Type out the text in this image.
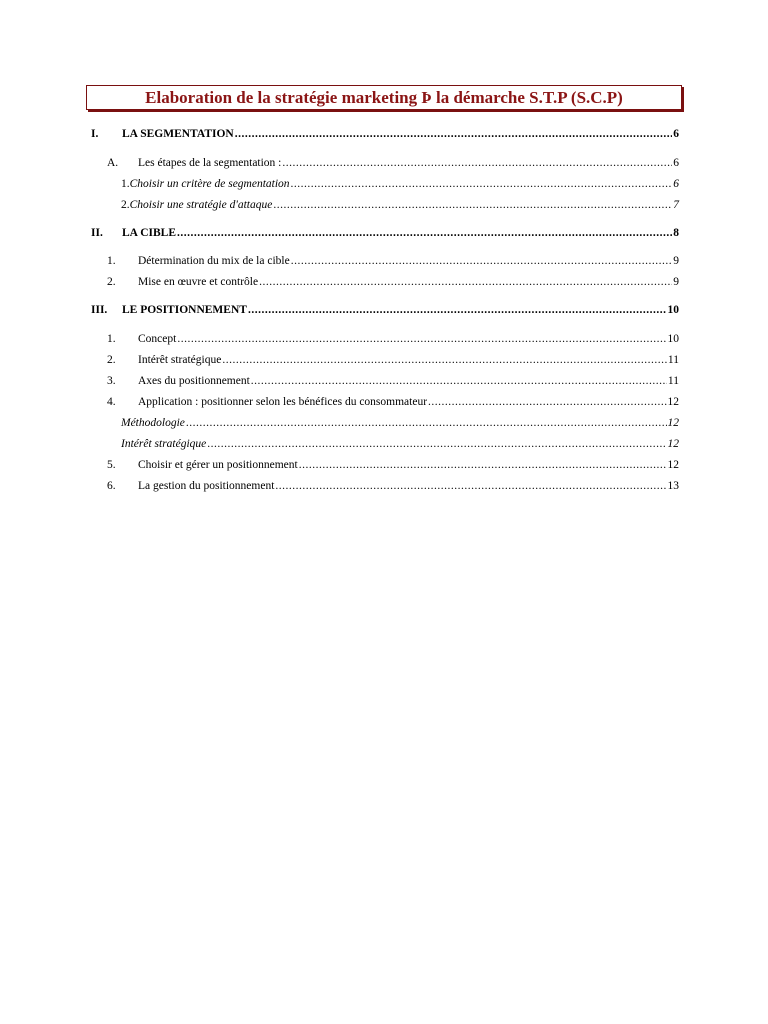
Elaboration de la stratégie marketing Þ la démarche S.T.P (S.C.P)
I.	LA SEGMENTATION .....	6
A.	Les étapes de la segmentation : .....	6
1. Choisir un critère de segmentation .....	6
2. Choisir une stratégie d'attaque .....	7
II.	LA CIBLE .....	8
1.	Détermination du mix de la cible .....	9
2.	Mise en œuvre et contrôle .....	9
III.	LE POSITIONNEMENT .....	10
1.	Concept .....	10
2.	Intérêt stratégique .....	11
3.	Axes du positionnement .....	11
4.	Application : positionner selon les bénéfices du consommateur .....	12
Méthodologie .....	12
Intérêt stratégique .....	12
5.	Choisir et gérer un positionnement .....	12
6.	La gestion du positionnement .....	13
